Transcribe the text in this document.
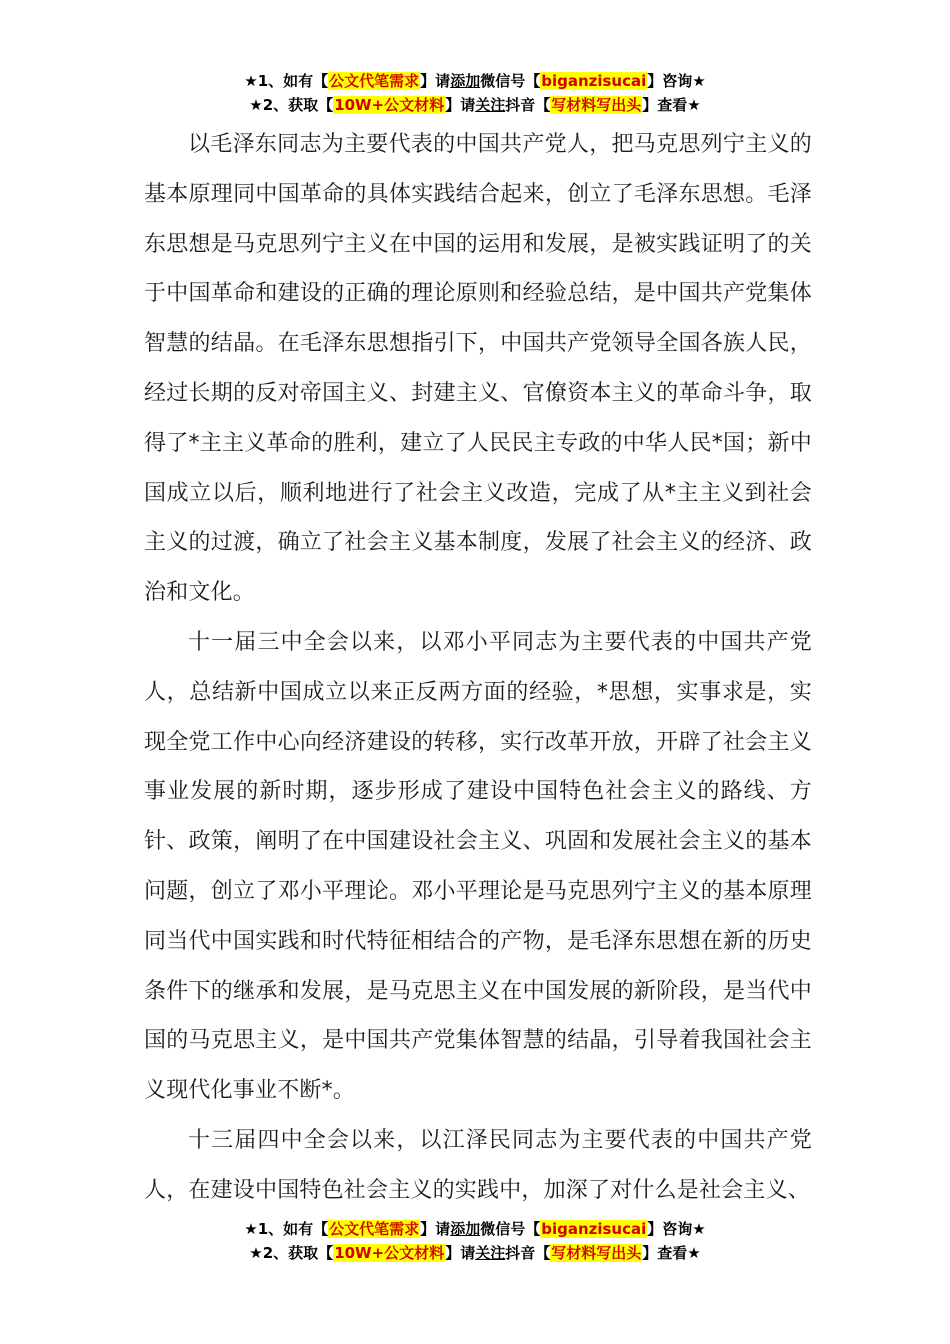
★1、如有【公文代笔需求】请添加微信号【biganzisucai】咨询★
★2、获取【10W+公文材料】请关注抖音【写材料写出头】查看★

以毛泽东同志为主要代表的中国共产党人，把马克思列宁主义的基本原理同中国革命的具体实践结合起来，创立了毛泽东思想。毛泽东思想是马克思列宁主义在中国的运用和发展，是被实践证明了的关于中国革命和建设的正确的理论原则和经验总结，是中国共产党集体智慧的结晶。在毛泽东思想指引下，中国共产党领导全国各族人民，经过长期的反对帝国主义、封建主义、官僚资本主义的革命斗争，取得了*主主义革命的胜利，建立了人民民主专政的中华人民*国；新中国成立以后，顺利地进行了社会主义改造，完成了从*主主义到社会主义的过渡，确立了社会主义基本制度，发展了社会主义的经济、政治和文化。

十一届三中全会以来，以邓小平同志为主要代表的中国共产党人，总结新中国成立以来正反两方面的经验，*思想，实事求是，实现全党工作中心向经济建设的转移，实行改革开放，开辟了社会主义事业发展的新时期，逐步形成了建设中国特色社会主义的路线、方针、政策，阐明了在中国建设社会主义、巩固和发展社会主义的基本问题，创立了邓小平理论。邓小平理论是马克思列宁主义的基本原理同当代中国实践和时代特征相结合的产物，是毛泽东思想在新的历史条件下的继承和发展，是马克思主义在中国发展的新阶段，是当代中国的马克思主义，是中国共产党集体智慧的结晶，引导着我国社会主义现代化事业不断*。

十三届四中全会以来，以江泽民同志为主要代表的中国共产党人，在建设中国特色社会主义的实践中，加深了对什么是社会主义、

★1、如有【公文代笔需求】请添加微信号【biganzisucai】咨询★
★2、获取【10W+公文材料】请关注抖音【写材料写出头】查看★
